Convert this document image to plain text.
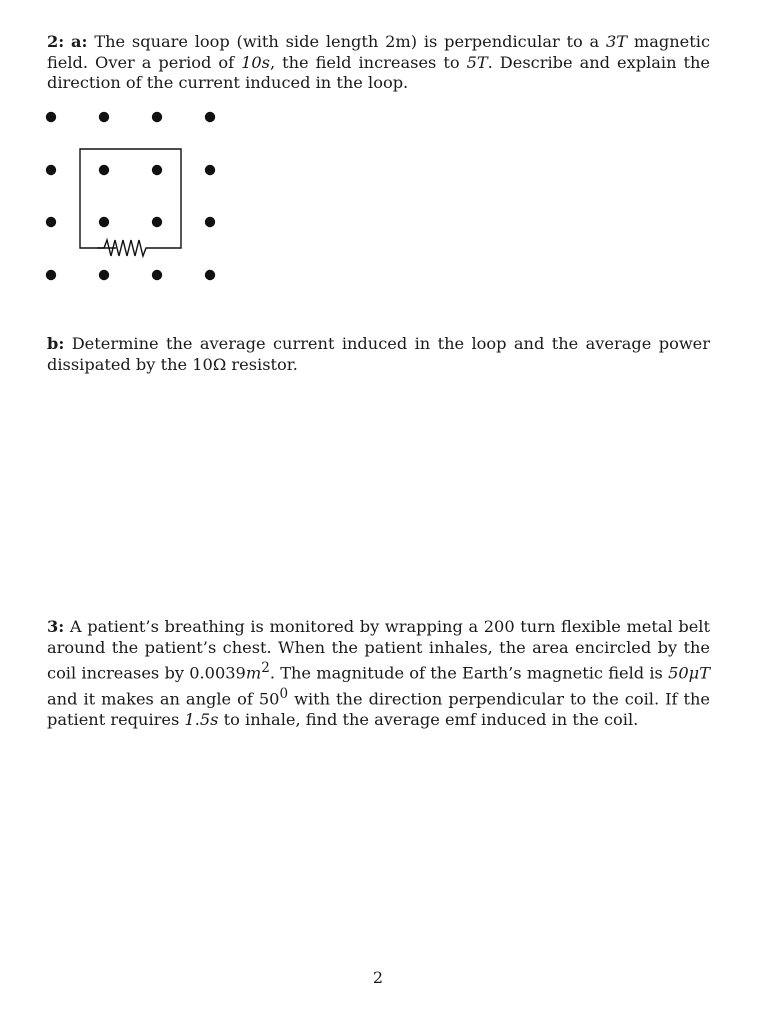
2: a: The square loop (with side length 2m) is perpendicular to a 3T magnetic field. Over a period of 10s, the field increases to 5T. Describe and explain the direction of the current induced in the loop.

b: Determine the average current induced in the loop and the average power dissipated by the 10Ω resistor.

3: A patient’s breathing is monitored by wrapping a 200 turn flexible metal belt around the patient’s chest. When the patient inhales, the area encircled by the coil increases by $0.0039m^2$. The magnitude of the Earth’s magnetic field is 50μT and it makes an angle of $50^0$ with the direction perpendicular to the coil. If the patient requires 1.5s to inhale, find the average emf induced in the coil.

2
